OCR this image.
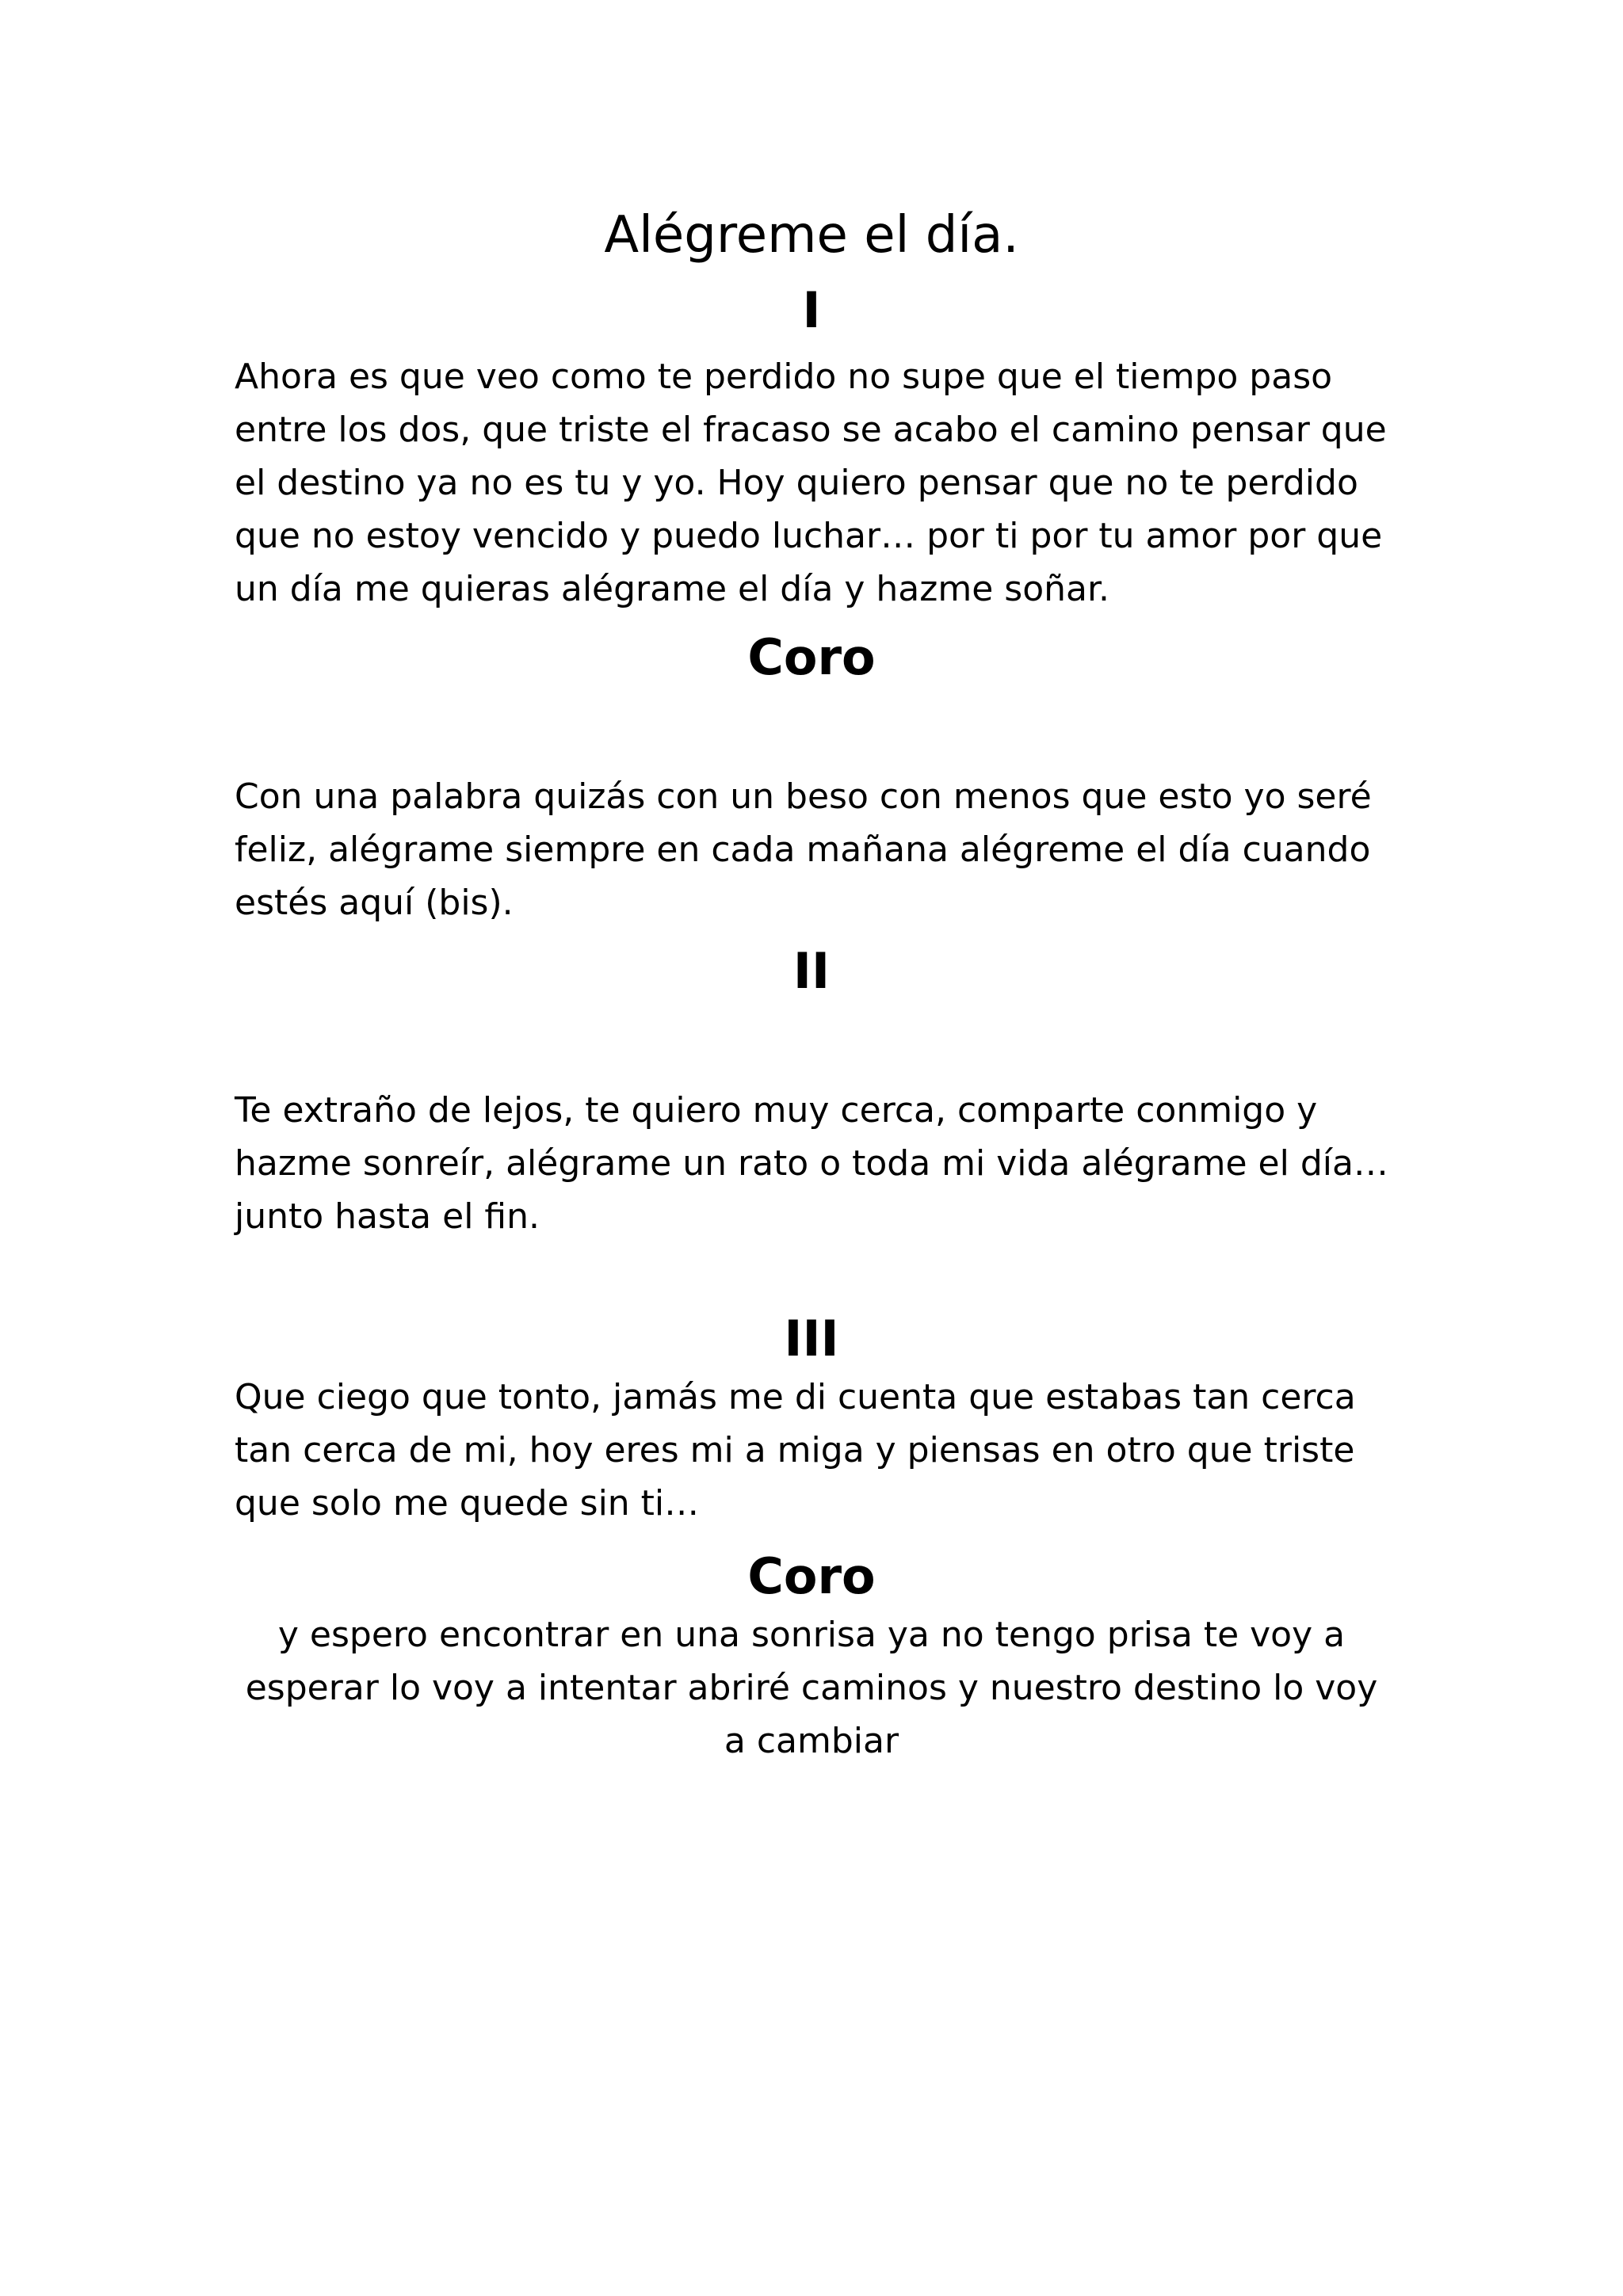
Alégreme el día.
I

Ahora es que veo como te perdido no supe que el tiempo paso
entre los dos, que triste el fracaso se acabo el camino pensar que
el destino ya no es tu y yo. Hoy quiero pensar que no te perdido
que no estoy vencido y puedo luchar… por ti por tu amor por que
un día me quieras alégrame el día y hazme soñar.

Coro

Con una palabra quizás con un beso con menos que esto yo seré
feliz, alégrame siempre en cada mañana alégreme el día cuando
estés aquí (bis).

II

Te extraño de lejos, te quiero muy cerca, comparte conmigo y
hazme sonreír, alégrame un rato o toda mi vida alégrame el día…
junto hasta el fin.

III

Que ciego que tonto, jamás me di cuenta que estabas tan cerca
tan cerca de mi, hoy eres mi a miga y piensas en otro que triste
que solo me quede sin ti…

Coro

y espero encontrar en una sonrisa ya no tengo prisa te voy a
esperar lo voy a intentar abriré caminos y nuestro destino lo voy
a cambiar
